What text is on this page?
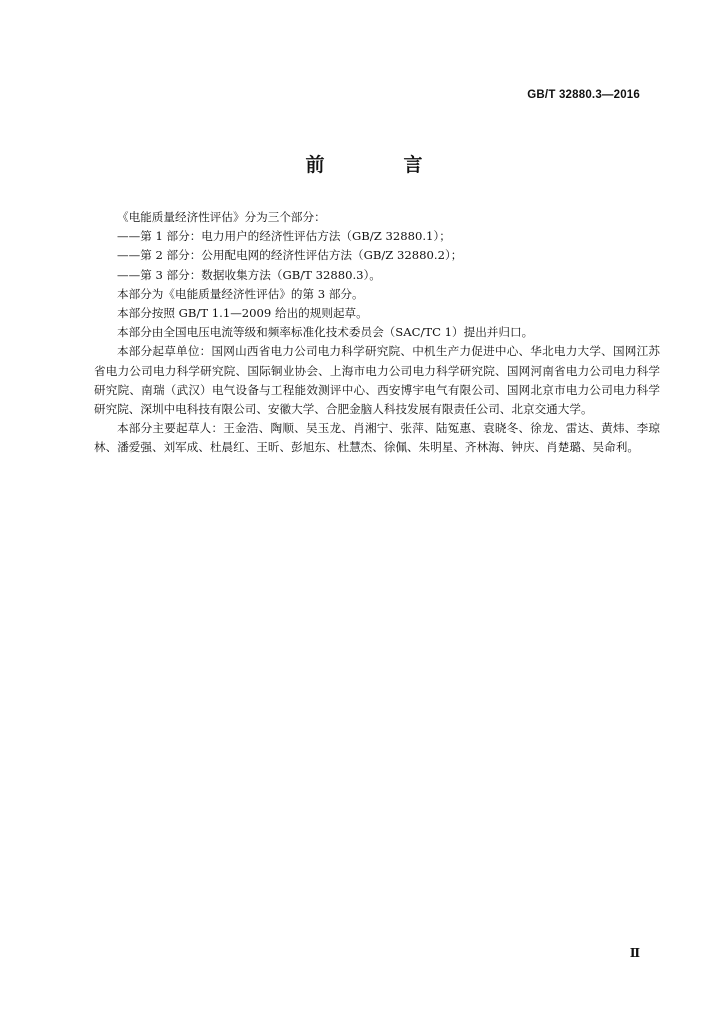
GB/T 32880.3—2016
前　言

《电能质量经济性评估》分为三个部分：

——第 1 部分：电力用户的经济性评估方法（GB/Z 32880.1）；

——第 2 部分：公用配电网的经济性评估方法（GB/Z 32880.2）；

——第 3 部分：数据收集方法（GB/T 32880.3）。

本部分为《电能质量经济性评估》的第 3 部分。

本部分按照 GB/T 1.1—2009 给出的规则起草。

本部分由全国电压电流等级和频率标准化技术委员会（SAC/TC 1）提出并归口。

本部分起草单位：国网山西省电力公司电力科学研究院、中机生产力促进中心、华北电力大学、国网江苏省电力公司电力科学研究院、国际铜业协会、上海市电力公司电力科学研究院、国网河南省电力公司电力科学研究院、南瑞（武汉）电气设备与工程能效测评中心、西安博宇电气有限公司、国网北京市电力公司电力科学研究院、深圳中电科技有限公司、安徽大学、合肥金脑人科技发展有限责任公司、北京交通大学。

本部分主要起草人：王金浩、陶顺、吴玉龙、肖湘宁、张萍、陆冤惠、袁晓冬、徐龙、雷达、黄炜、李琼林、潘爱强、刘军成、杜晨红、王昕、彭旭东、杜慧杰、徐佩、朱明星、齐林海、钟庆、肖楚璐、吴命利。

Ⅱ
